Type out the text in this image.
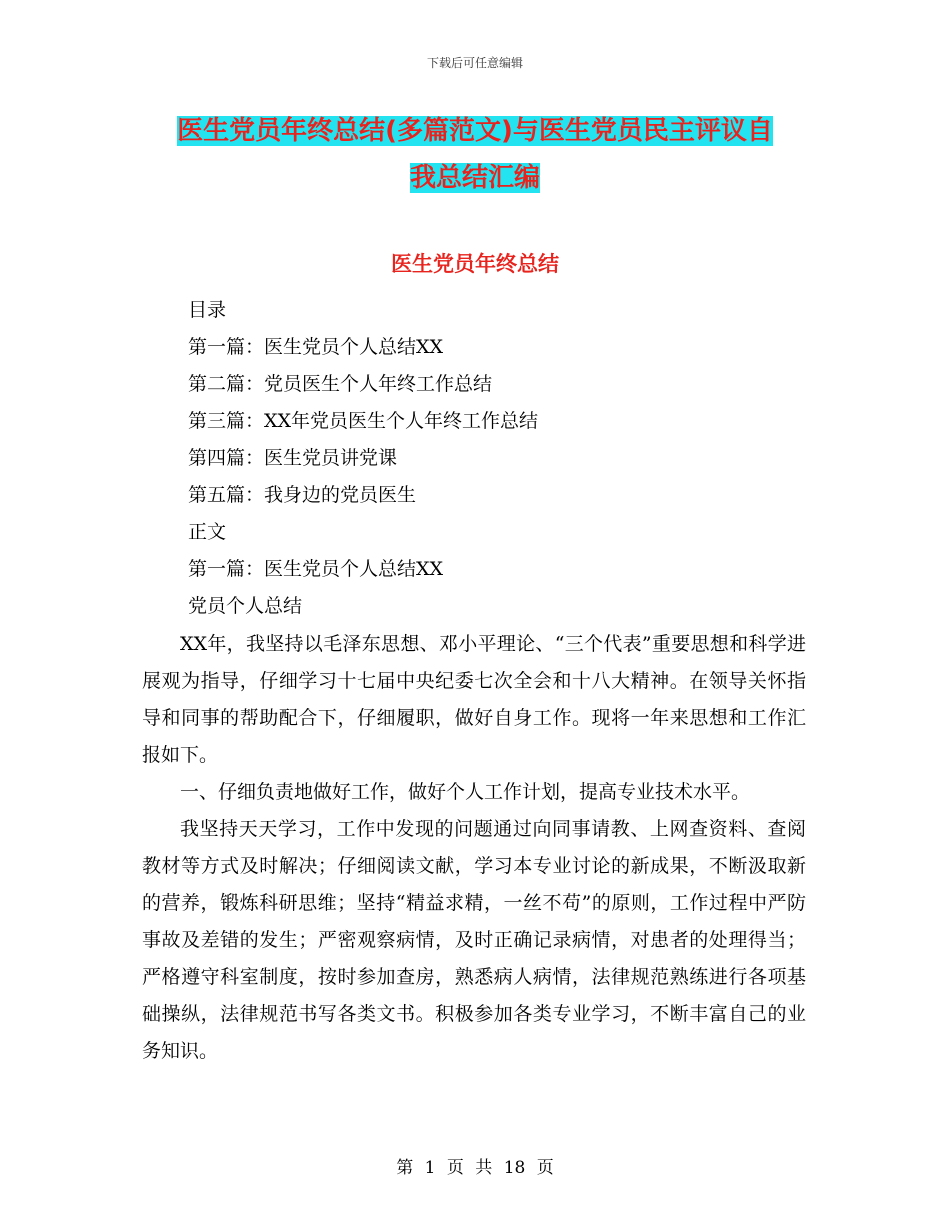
下载后可任意编辑
医生党员年终总结(多篇范文)与医生党员民主评议自
我总结汇编
医生党员年终总结
目录
第一篇：医生党员个人总结XX
第二篇：党员医生个人年终工作总结
第三篇：XX年党员医生个人年终工作总结
第四篇：医生党员讲党课
第五篇：我身边的党员医生
正文
第一篇：医生党员个人总结XX
党员个人总结

XX年，我坚持以毛泽东思想、邓小平理论、“三个代表”重要思想和科学进展观为指导，仔细学习十七届中央纪委七次全会和十八大精神。在领导关怀指导和同事的帮助配合下，仔细履职，做好自身工作。现将一年来思想和工作汇报如下。

一、仔细负责地做好工作，做好个人工作计划，提高专业技术水平。

我坚持天天学习，工作中发现的问题通过向同事请教、上网查资料、查阅教材等方式及时解决；仔细阅读文献，学习本专业讨论的新成果，不断汲取新的营养，锻炼科研思维；坚持“精益求精，一丝不苟”的原则，工作过程中严防事故及差错的发生；严密观察病情，及时正确记录病情，对患者的处理得当；严格遵守科室制度，按时参加查房，熟悉病人病情，法律规范熟练进行各项基础操纵，法律规范书写各类文书。积极参加各类专业学习，不断丰富自己的业务知识。

第 1 页 共 18 页
